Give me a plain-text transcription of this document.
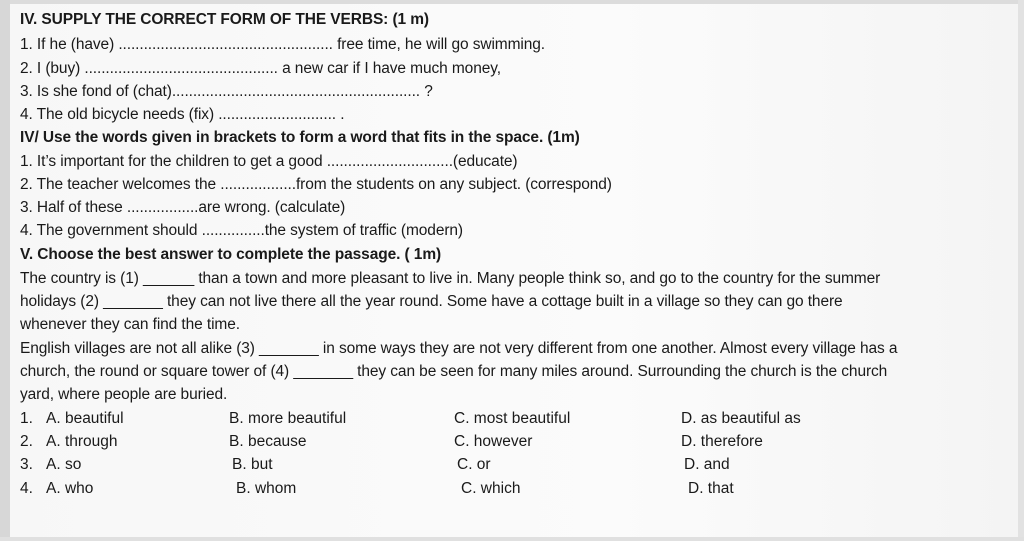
IV. SUPPLY THE CORRECT FORM OF THE VERBS: (1 m)
1. If he (have) ................................................... free time, he will go swimming.
2. I (buy) .............................................. a new car if I have much money,
3. Is she fond of (chat)........................................................... ?
4. The old bicycle needs (fix) ............................ .
IV/ Use the words given in brackets to form a word that fits in the space. (1m)
1. It’s important for the children to get a good ..............................(educate)
2. The teacher welcomes the ..................from the students on any subject. (correspond)
3. Half of these .................are wrong. (calculate)
4. The government should ...............the system of traffic (modern)
V. Choose the best answer to complete the passage. ( 1m)
The country is (1) ______ than a town and more pleasant to live in. Many people think so, and go to the country for the summer
holidays (2) _______ they can not live there all the year round. Some have a cottage built in a village so they can go there
whenever they can find the time.
English villages are not all alike (3) _______ in some ways they are not very different from one another. Almost every village has a
church, the round or square tower of (4) _______ they can be seen for many miles around. Surrounding the church is the church
yard, where people are buried.
1. A. beautiful	B. more beautiful	C. most beautiful	D. as beautiful as
2. A. through	B. because	C. however	D. therefore
3. A. so	B. but	C. or	D. and
4. A. who	B. whom	C. which	D. that
